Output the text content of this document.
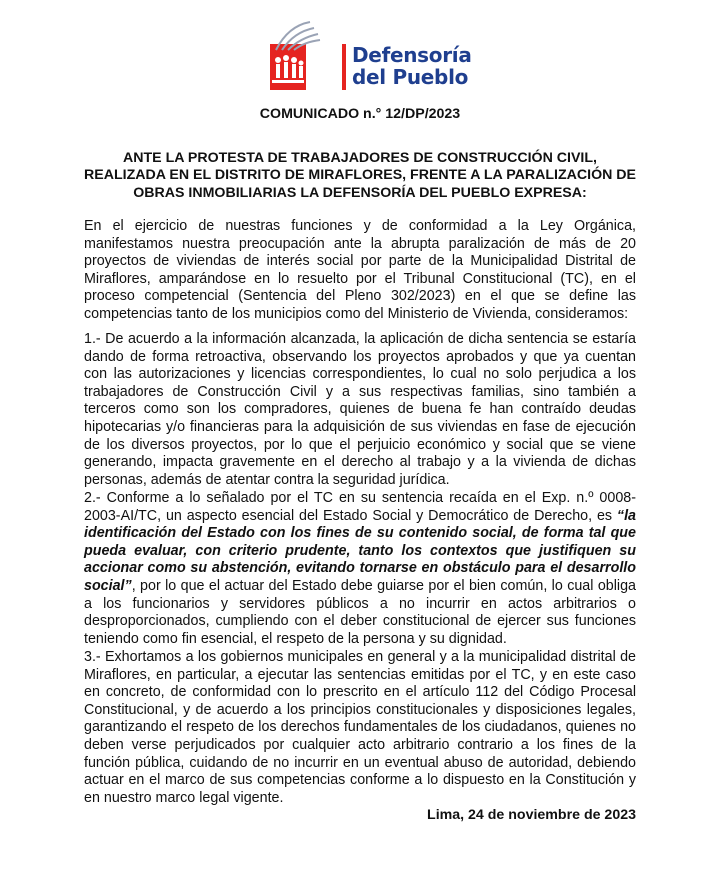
Defensoría
del Pueblo
COMUNICADO n.° 12/DP/2023
ANTE LA PROTESTA DE TRABAJADORES DE CONSTRUCCIÓN CIVIL, REALIZADA EN EL DISTRITO DE MIRAFLORES, FRENTE A LA PARALIZACIÓN DE OBRAS INMOBILIARIAS LA DEFENSORÍA DEL PUEBLO EXPRESA:
En el ejercicio de nuestras funciones y de conformidad a la Ley Orgánica, manifestamos nuestra preocupación ante la abrupta paralización de más de 20 proyectos de viviendas de interés social por parte de la Municipalidad Distrital de Miraflores, amparándose en lo resuelto por el Tribunal Constitucional (TC), en el proceso competencial (Sentencia del Pleno 302/2023) en el que se define las competencias tanto de los municipios como del Ministerio de Vivienda, consideramos:
1.- De acuerdo a la información alcanzada, la aplicación de dicha sentencia se estaría dando de forma retroactiva, observando los proyectos aprobados y que ya cuentan con las autorizaciones y licencias correspondientes, lo cual no solo perjudica a los trabajadores de Construcción Civil y a sus respectivas familias, sino también a terceros como son los compradores, quienes de buena fe han contraído deudas hipotecarias y/o financieras para la adquisición de sus viviendas en fase de ejecución de los diversos proyectos, por lo que el perjuicio económico y social que se viene generando, impacta gravemente en el derecho al trabajo y a la vivienda de dichas personas, además de atentar contra la seguridad jurídica.
2.- Conforme a lo señalado por el TC en su sentencia recaída en el Exp. n.º 0008-2003-AI/TC, un aspecto esencial del Estado Social y Democrático de Derecho, es “la identificación del Estado con los fines de su contenido social, de forma tal que pueda evaluar, con criterio prudente, tanto los contextos que justifiquen su accionar como su abstención, evitando tornarse en obstáculo para el desarrollo social”, por lo que el actuar del Estado debe guiarse por el bien común, lo cual obliga a los funcionarios y servidores públicos a no incurrir en actos arbitrarios o desproporcionados, cumpliendo con el deber constitucional de ejercer sus funciones teniendo como fin esencial, el respeto de la persona y su dignidad.
3.- Exhortamos a los gobiernos municipales en general y a la municipalidad distrital de Miraflores, en particular, a ejecutar las sentencias emitidas por el TC, y en este caso en concreto, de conformidad con lo prescrito en el artículo 112 del Código Procesal Constitucional, y de acuerdo a los principios constitucionales y disposiciones legales, garantizando el respeto de los derechos fundamentales de los ciudadanos, quienes no deben verse perjudicados por cualquier acto arbitrario contrario a los fines de la función pública, cuidando de no incurrir en un eventual abuso de autoridad, debiendo actuar en el marco de sus competencias conforme a lo dispuesto en la Constitución y en nuestro marco legal vigente.
Lima, 24 de noviembre de 2023
